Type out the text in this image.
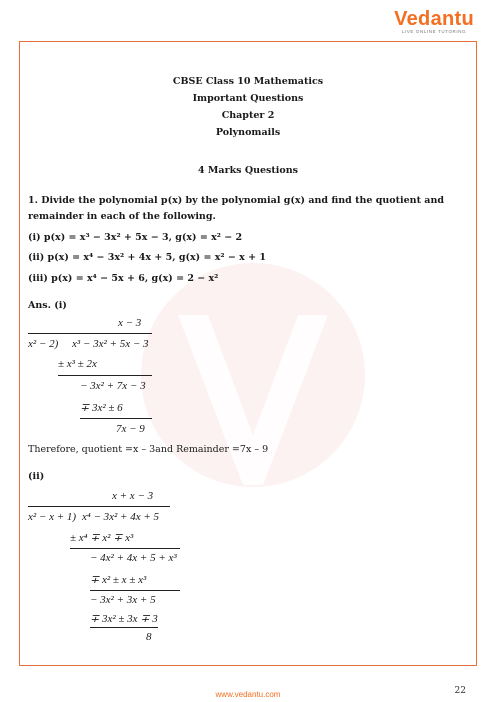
Vedantu
LIVE ONLINE TUTORING
CBSE Class 10 Mathematics
Important Questions
Chapter 2
Polynomails
4 Marks Questions
1. Divide the polynomial p(x) by the polynomial g(x) and find the quotient and
remainder in each of the following.
(i) p(x) = x³ − 3x² + 5x − 3, g(x) = x² − 2
(ii) p(x) = x⁴ − 3x² + 4x + 5, g(x) = x² − x + 1
(iii) p(x) = x⁴ − 5x + 6, g(x) = 2 − x²
Ans. (i)
x − 3
x² − 2) x³ − 3x² + 5x − 3
± x³ ± 2x
− 3x² + 7x − 3
∓ 3x² ± 6
7x − 9
Therefore, quotient =x – 3and Remainder =7x – 9
(ii)
x + x − 3
x² − x + 1) x⁴ − 3x² + 4x + 5
± x⁴ ∓ x² ∓ x³
− 4x² + 4x + 5 + x³
∓ x² ± x ± x³
− 3x² + 3x + 5
∓ 3x² ± 3x ∓ 3
8
22
www.vedantu.com
